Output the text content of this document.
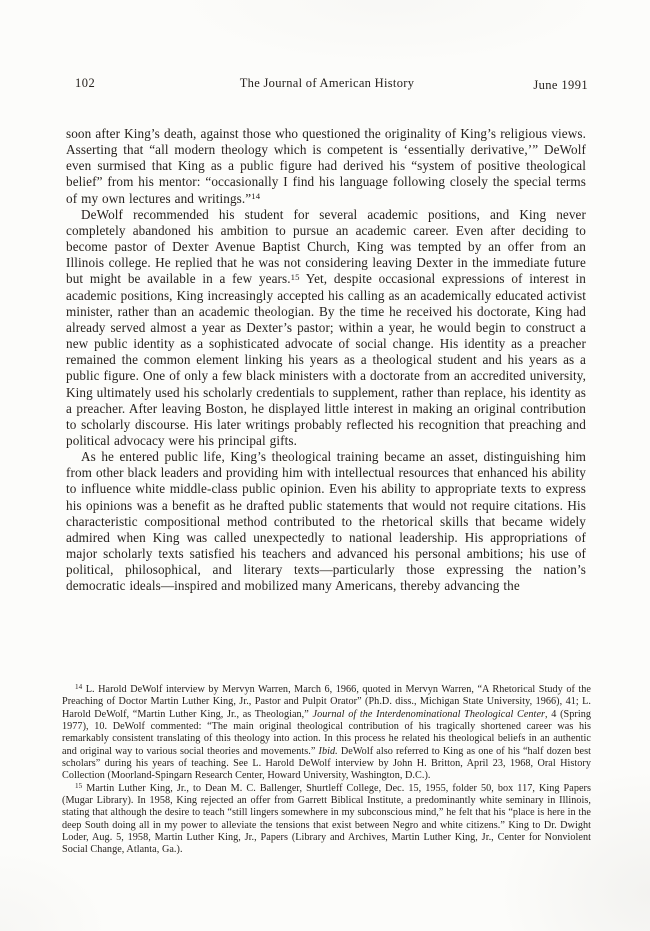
102	The Journal of American History	June 1991

soon after King’s death, against those who questioned the originality of King’s religious views. Asserting that “all modern theology which is competent is ‘essentially derivative,’” DeWolf even surmised that King as a public figure had derived his “system of positive theological belief” from his mentor: “occasionally I find his language following closely the special terms of my own lectures and writings.”$^{14}$

DeWolf recommended his student for several academic positions, and King never completely abandoned his ambition to pursue an academic career. Even after deciding to become pastor of Dexter Avenue Baptist Church, King was tempted by an offer from an Illinois college. He replied that he was not considering leaving Dexter in the immediate future but might be available in a few years.$^{15}$ Yet, despite occasional expressions of interest in academic positions, King increasingly accepted his calling as an academically educated activist minister, rather than an academic theologian. By the time he received his doctorate, King had already served almost a year as Dexter’s pastor; within a year, he would begin to construct a new public identity as a sophisticated advocate of social change. His identity as a preacher remained the common element linking his years as a theological student and his years as a public figure. One of only a few black ministers with a doctorate from an accredited university, King ultimately used his scholarly credentials to supplement, rather than replace, his identity as a preacher. After leaving Boston, he displayed little interest in making an original contribution to scholarly discourse. His later writings probably reflected his recognition that preaching and political advocacy were his principal gifts.

As he entered public life, King’s theological training became an asset, distinguishing him from other black leaders and providing him with intellectual resources that enhanced his ability to influence white middle-class public opinion. Even his ability to appropriate texts to express his opinions was a benefit as he drafted public statements that would not require citations. His characteristic compositional method contributed to the rhetorical skills that became widely admired when King was called unexpectedly to national leadership. His appropriations of major scholarly texts satisfied his teachers and advanced his personal ambitions; his use of political, philosophical, and literary texts—particularly those expressing the nation’s democratic ideals—inspired and mobilized many Americans, thereby advancing the

$^{14}$ L. Harold DeWolf interview by Mervyn Warren, March 6, 1966, quoted in Mervyn Warren, “A Rhetorical Study of the Preaching of Doctor Martin Luther King, Jr., Pastor and Pulpit Orator” (Ph.D. diss., Michigan State University, 1966), 41; L. Harold DeWolf, “Martin Luther King, Jr., as Theologian,” Journal of the Interdenominational Theological Center, 4 (Spring 1977), 10. DeWolf commented: “The main original theological contribution of his tragically shortened career was his remarkably consistent translating of this theology into action. In this process he related his theological beliefs in an authentic and original way to various social theories and movements.” Ibid. DeWolf also referred to King as one of his “half dozen best scholars” during his years of teaching. See L. Harold DeWolf interview by John H. Britton, April 23, 1968, Oral History Collection (Moorland-Spingarn Research Center, Howard University, Washington, D.C.).

$^{15}$ Martin Luther King, Jr., to Dean M. C. Ballenger, Shurtleff College, Dec. 15, 1955, folder 50, box 117, King Papers (Mugar Library). In 1958, King rejected an offer from Garrett Biblical Institute, a predominantly white seminary in Illinois, stating that although the desire to teach “still lingers somewhere in my subconscious mind,” he felt that his “place is here in the deep South doing all in my power to alleviate the tensions that exist between Negro and white citizens.” King to Dr. Dwight Loder, Aug. 5, 1958, Martin Luther King, Jr., Papers (Library and Archives, Martin Luther King, Jr., Center for Nonviolent Social Change, Atlanta, Ga.).
